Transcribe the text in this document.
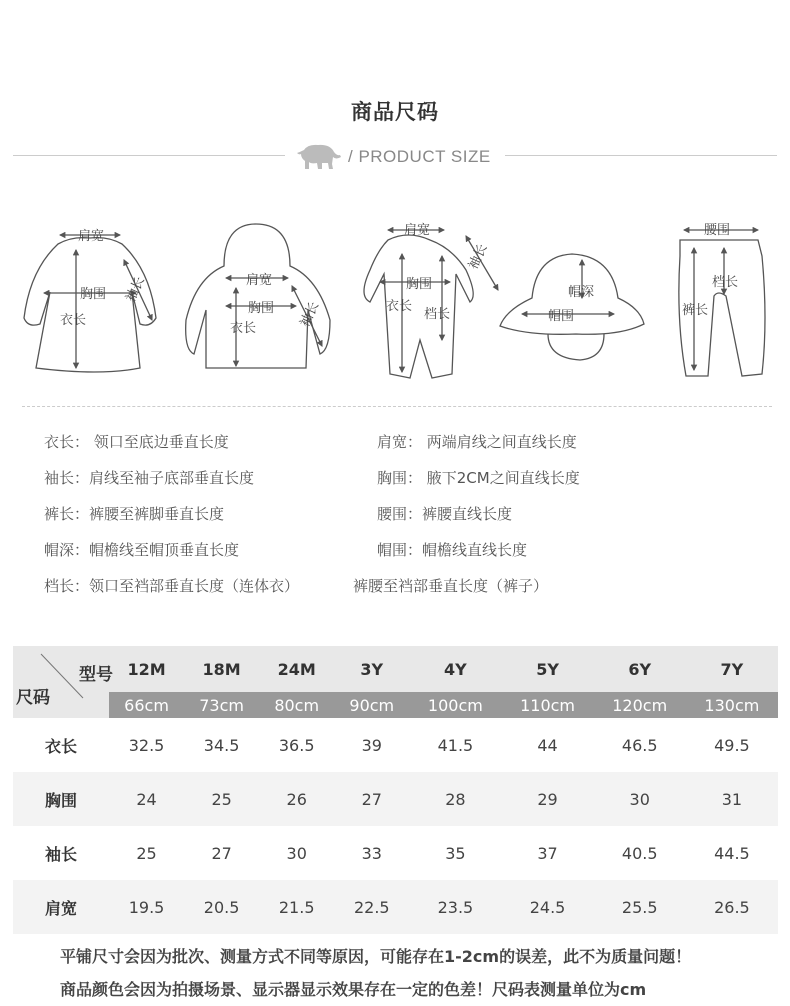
商品尺码
/ PRODUCT SIZE
肩宽
胸围
衣长
袖长	肩宽
胸围
衣长	袖长
肩宽
袖长
胸围
衣长
档长
帽深
帽围
腰围
档长
裤长
衣长： 领口至底边垂直长度	肩宽： 两端肩线之间直线长度
袖长：肩线至袖子底部垂直长度	胸围： 腋下2CM之间直线长度
裤长：裤腰至裤脚垂直长度	腰围：裤腰直线长度
帽深：帽檐线至帽顶垂直长度	帽围：帽檐线直线长度
档长：领口至裆部垂直长度（连体衣）	裤腰至裆部垂直长度（裤子）
型号
尺码	12M	18M	24M	3Y	4Y	5Y	6Y	7Y
	66cm	73cm	80cm	90cm	100cm	110cm	120cm	130cm
衣长	32.5	34.5	36.5	39	41.5	44	46.5	49.5
胸围	24	25	26	27	28	29	30	31
袖长	25	27	30	33	35	37	40.5	44.5
肩宽	19.5	20.5	21.5	22.5	23.5	24.5	25.5	26.5
平铺尺寸会因为批次、测量方式不同等原因，可能存在1-2cm的误差，此不为质量问题！
商品颜色会因为拍摄场景、显示器显示效果存在一定的色差！尺码表测量单位为cm
